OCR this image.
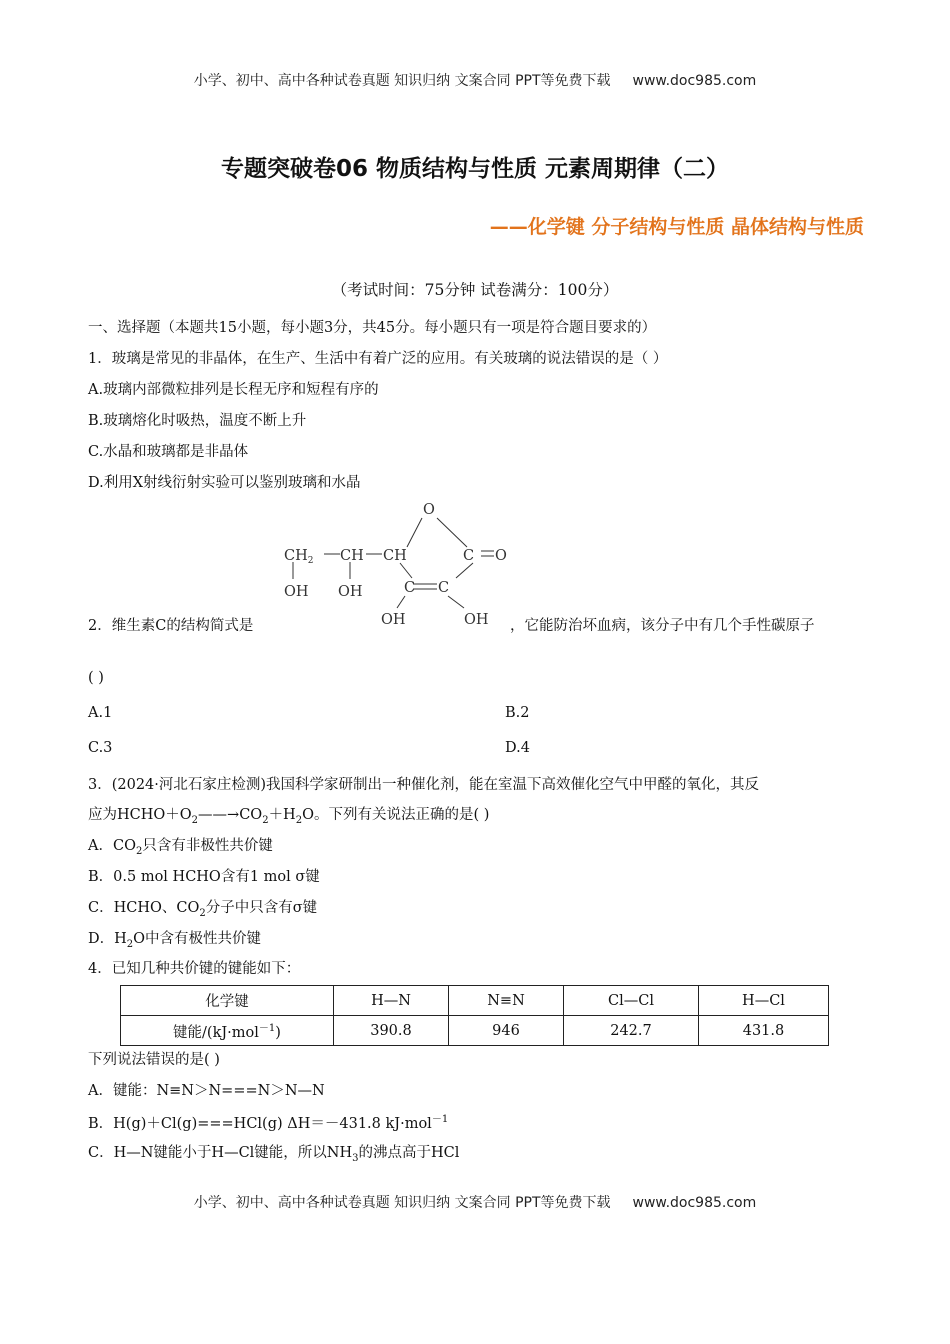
小学、初中、高中各种试卷真题 知识归纳 文案合同 PPT等免费下载 www.doc985.com
专题突破卷06 物质结构与性质 元素周期律（二）
——化学键 分子结构与性质 晶体结构与性质
（考试时间：75分钟 试卷满分：100分）
一、选择题（本题共15小题，每小题3分，共45分。每小题只有一项是符合题目要求的）
1．玻璃是常见的非晶体，在生产、生活中有着广泛的应用。有关玻璃的说法错误的是（ ）
A.玻璃内部微粒排列是长程无序和短程有序的
B.玻璃熔化时吸热，温度不断上升
C.水晶和玻璃都是非晶体
D.利用X射线衍射实验可以鉴别玻璃和水晶
O
$CH_2$ CH CH	C O
C C
OH OH
OH	OH
2．维生素C的结构简式是	，它能防治坏血病，该分子中有几个手性碳原子
( )
A.1	B.2
C.3	D.4
3．(2024·河北石家庄检测)我国科学家研制出一种催化剂，能在室温下高效催化空气中甲醛的氧化，其反
应为$HCHO+O_2——\to CO_2+H_2O$。下列有关说法正确的是( )
A．$CO_2$只含有非极性共价键
B．0.5 mol HCHO含有1 mol σ键
C．HCHO、$CO_2$分子中只含有σ键
D．$H_2O$中含有极性共价键
4．已知几种共价键的键能如下：
化学键	H—N	N≡N	Cl—Cl	H—Cl
键能/(kJ·mol$^{-1}$)	390.8	946	242.7	431.8
下列说法错误的是( )
A．键能：N≡N＞N===N＞N—N
B．H(g)＋Cl(g)===HCl(g) ΔH＝－431.8 kJ·mol$^{-1}$
C．H—N键能小于H—Cl键能，所以$NH_3$的沸点高于HCl
小学、初中、高中各种试卷真题 知识归纳 文案合同 PPT等免费下载 www.doc985.com
